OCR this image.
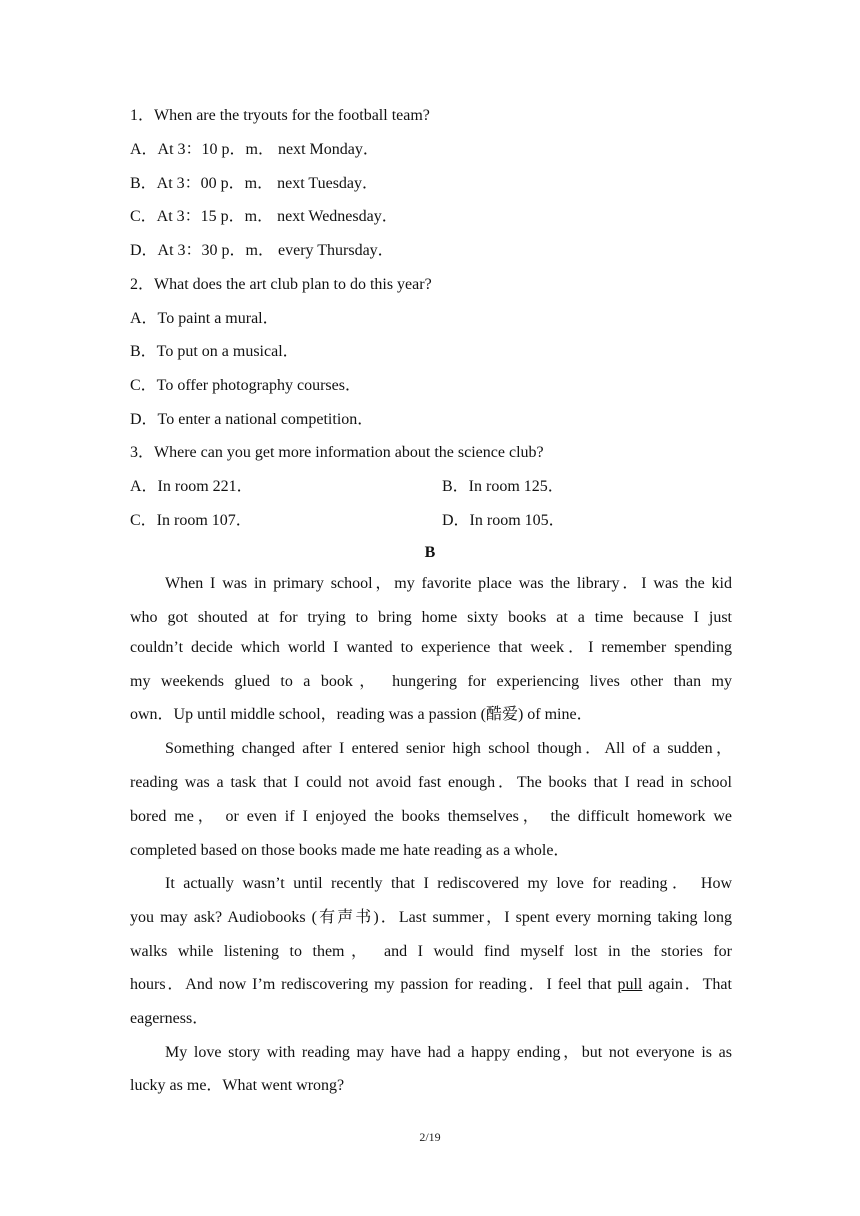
1．When are the tryouts for the football team?
A．At 3：10 p．m． next Monday．
B．At 3：00 p．m． next Tuesday．
C．At 3：15 p．m． next Wednesday．
D．At 3：30 p．m． every Thursday．
2．What does the art club plan to do this year?
A．To paint a mural．
B．To put on a musical．
C．To offer photography courses．
D．To enter a national competition．
3．Where can you get more information about the science club?
A．In room 221．	B．In room 125．
C．In room 107．	D．In room 105．
B
When I was in primary school，my favorite place was the library．I was the kid
who got shouted at for trying to bring home sixty books at a time because I just
couldn’t decide which world I wanted to experience that week．I remember spending
my weekends glued to a book， hungering for experiencing lives other than my
own．Up until middle school，reading was a passion (酷爱) of mine．
Something changed after I entered senior high school though．All of a sudden，
reading was a task that I could not avoid fast enough．The books that I read in school
bored me， or even if I enjoyed the books themselves， the difficult homework we
completed based on those books made me hate reading as a whole．
It actually wasn’t until recently that I rediscovered my love for reading． How
you may ask? Audiobooks (有声书)．Last summer，I spent every morning taking long
walks while listening to them， and I would find myself lost in the stories for
hours．And now I’m rediscovering my passion for reading．I feel that pull again．That
eagerness．
My love story with reading may have had a happy ending，but not everyone is as
lucky as me．What went wrong?
2/19
